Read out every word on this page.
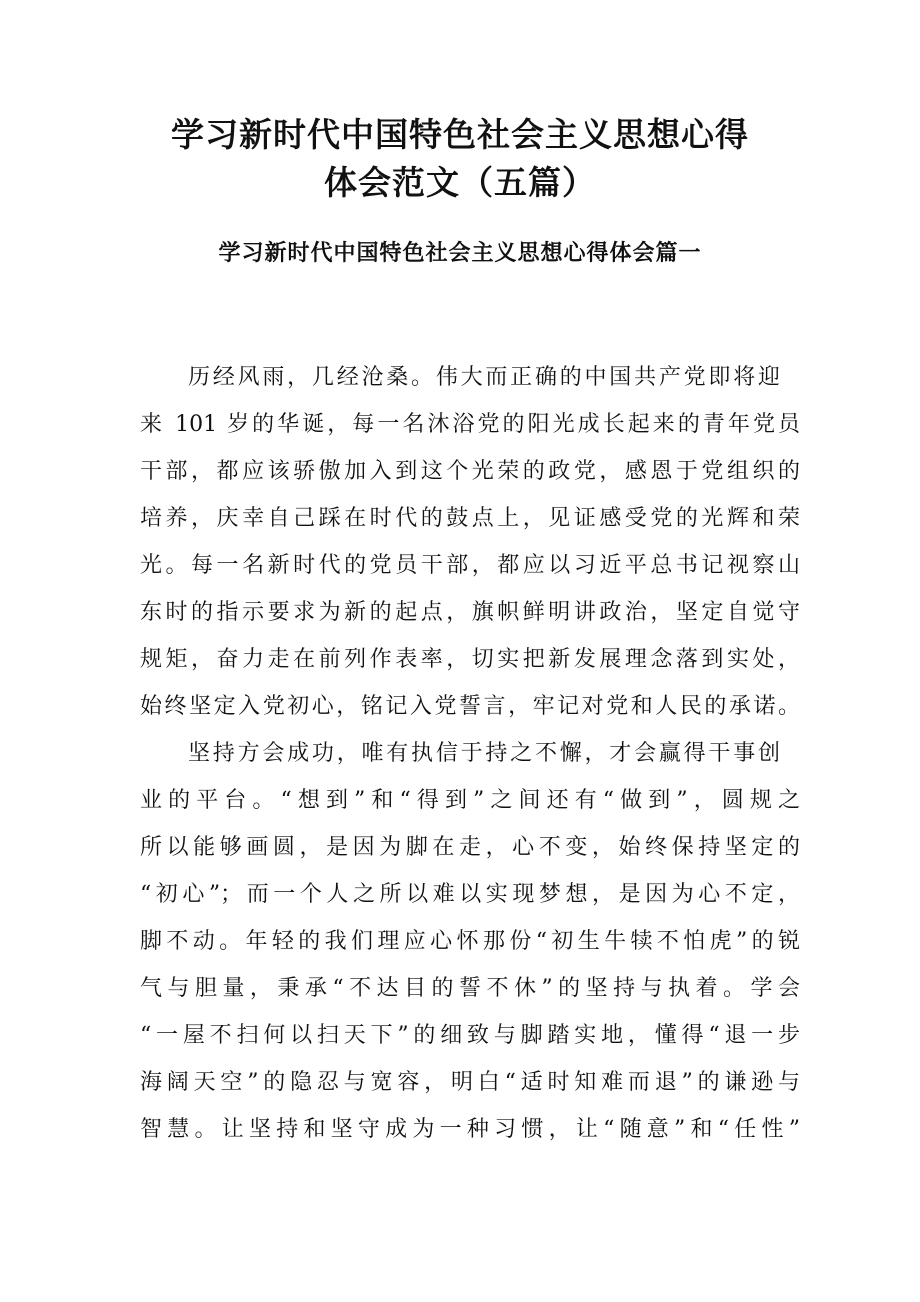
学习新时代中国特色社会主义思想心得
体会范文（五篇）
学习新时代中国特色社会主义思想心得体会篇一
历经风雨，几经沧桑。伟大而正确的中国共产党即将迎
来 101 岁的华诞，每一名沐浴党的阳光成长起来的青年党员
干部，都应该骄傲加入到这个光荣的政党，感恩于党组织的
培养，庆幸自己踩在时代的鼓点上，见证感受党的光辉和荣
光。每一名新时代的党员干部，都应以习近平总书记视察山
东时的指示要求为新的起点，旗帜鲜明讲政治，坚定自觉守
规矩，奋力走在前列作表率，切实把新发展理念落到实处，
始终坚定入党初心，铭记入党誓言，牢记对党和人民的承诺。
坚持方会成功，唯有执信于持之不懈，才会赢得干事创
业的平台。“想到”和“得到”之间还有“做到”，圆规之
所以能够画圆，是因为脚在走，心不变，始终保持坚定的
“初心”；而一个人之所以难以实现梦想，是因为心不定，
脚不动。年轻的我们理应心怀那份“初生牛犊不怕虎”的锐
气与胆量，秉承“不达目的誓不休”的坚持与执着。学会
“一屋不扫何以扫天下”的细致与脚踏实地，懂得“退一步
海阔天空”的隐忍与宽容，明白“适时知难而退”的谦逊与
智慧。让坚持和坚守成为一种习惯，让“随意”和“任性”
